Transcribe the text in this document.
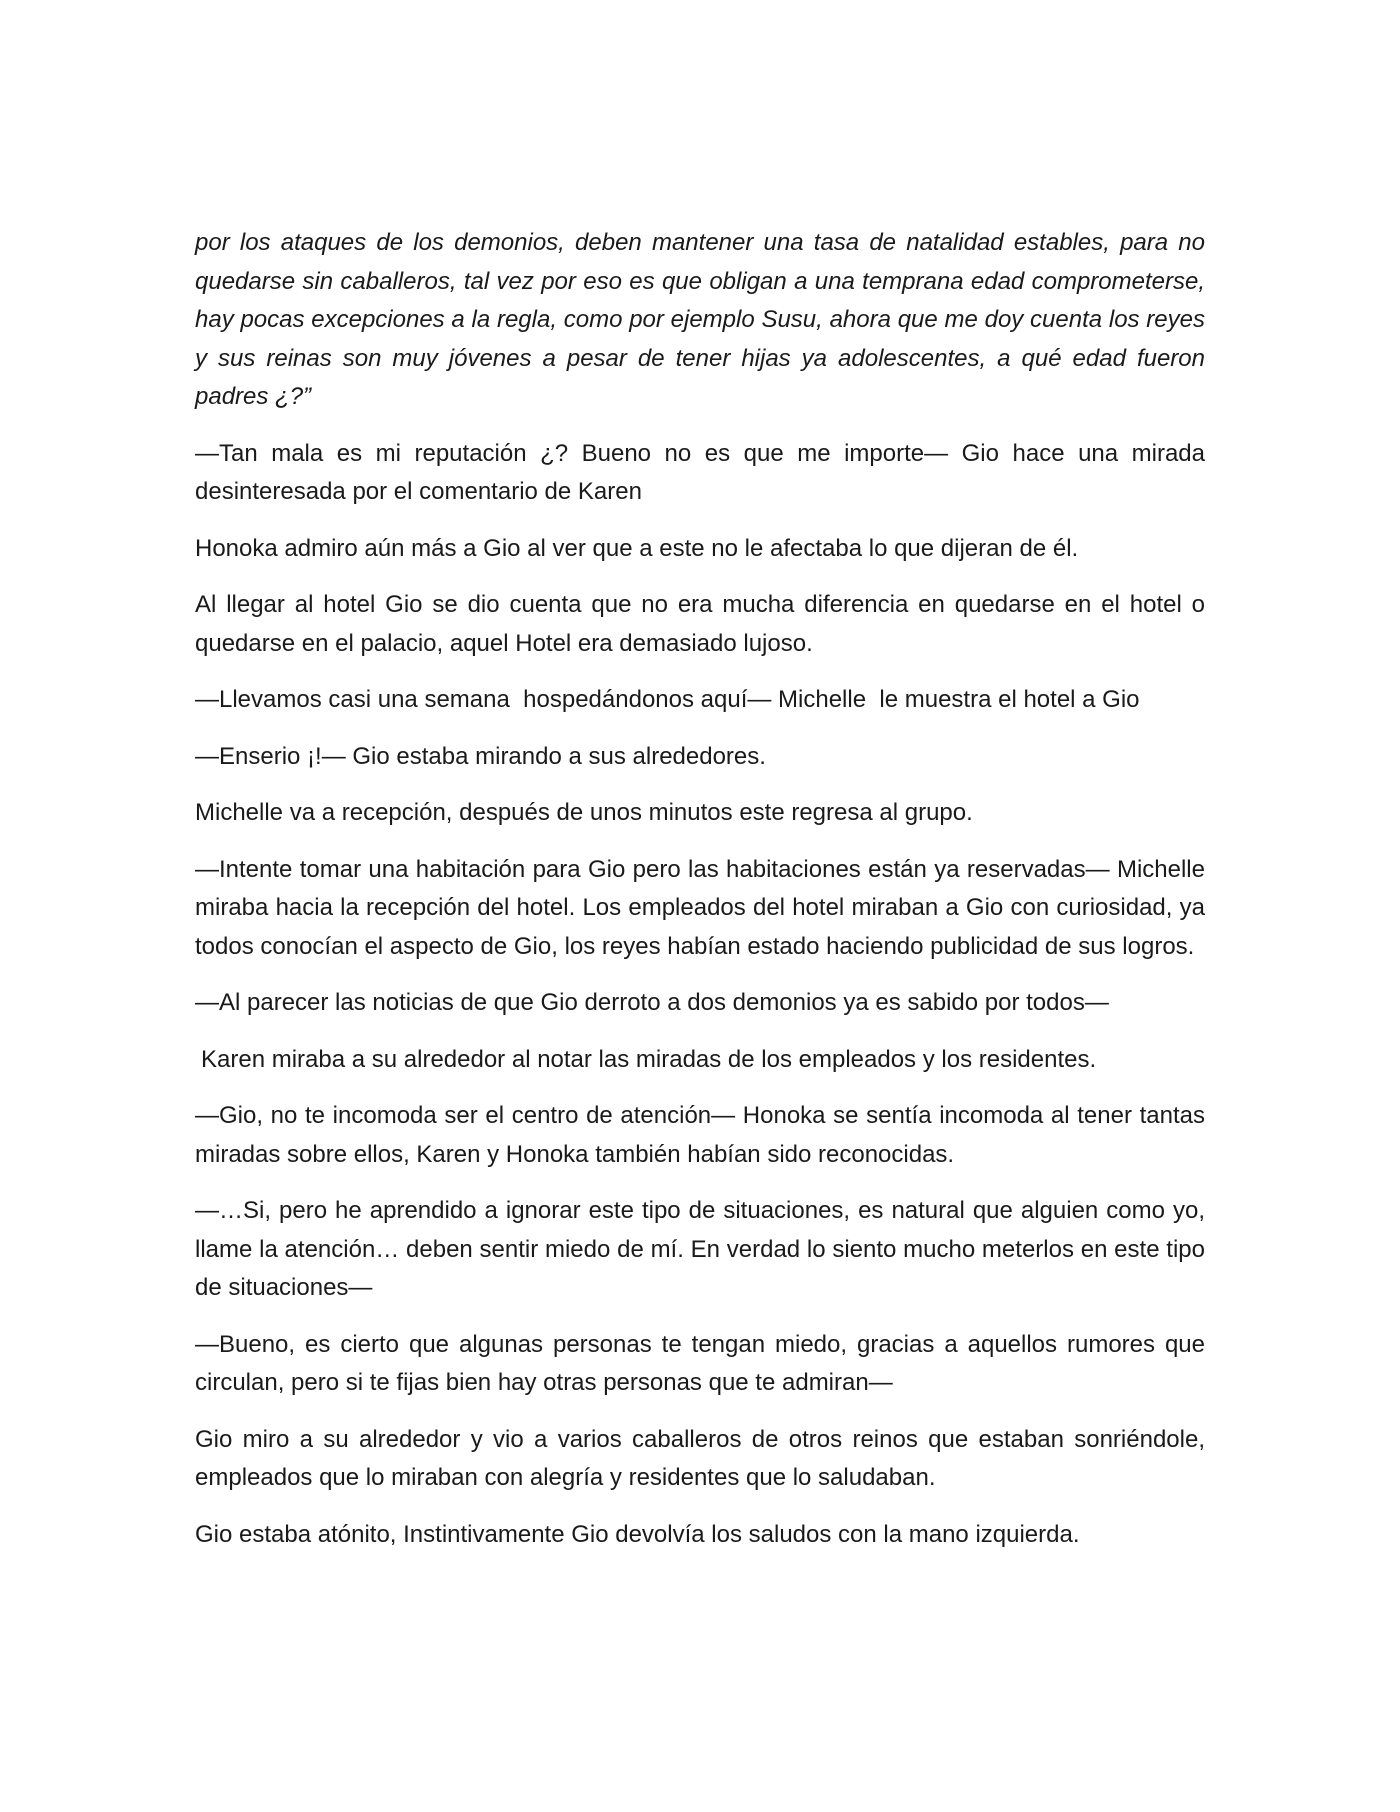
por los ataques de los demonios, deben mantener una tasa de natalidad estables, para no quedarse sin caballeros, tal vez por eso es que obligan a una temprana edad comprometerse, hay pocas excepciones a la regla, como por ejemplo Susu, ahora que me doy cuenta los reyes y sus reinas son muy jóvenes a pesar de tener hijas ya adolescentes, a qué edad fueron padres ¿?”

—Tan mala es mi reputación ¿? Bueno no es que me importe— Gio hace una mirada desinteresada por el comentario de Karen

Honoka admiro aún más a Gio al ver que a este no le afectaba lo que dijeran de él.

Al llegar al hotel Gio se dio cuenta que no era mucha diferencia en quedarse en el hotel o quedarse en el palacio, aquel Hotel era demasiado lujoso.

—Llevamos casi una semana  hospedándonos aquí— Michelle  le muestra el hotel a Gio

—Enserio ¡!— Gio estaba mirando a sus alrededores.

Michelle va a recepción, después de unos minutos este regresa al grupo.

—Intente tomar una habitación para Gio pero las habitaciones están ya reservadas— Michelle miraba hacia la recepción del hotel. Los empleados del hotel miraban a Gio con curiosidad, ya todos conocían el aspecto de Gio, los reyes habían estado haciendo publicidad de sus logros.

—Al parecer las noticias de que Gio derroto a dos demonios ya es sabido por todos—

Karen miraba a su alrededor al notar las miradas de los empleados y los residentes.

—Gio, no te incomoda ser el centro de atención— Honoka se sentía incomoda al tener tantas miradas sobre ellos, Karen y Honoka también habían sido reconocidas.

—…Si, pero he aprendido a ignorar este tipo de situaciones, es natural que alguien como yo, llame la atención… deben sentir miedo de mí. En verdad lo siento mucho meterlos en este tipo de situaciones—

—Bueno, es cierto que algunas personas te tengan miedo, gracias a aquellos rumores que circulan, pero si te fijas bien hay otras personas que te admiran—

Gio miro a su alrededor y vio a varios caballeros de otros reinos que estaban sonriéndole, empleados que lo miraban con alegría y residentes que lo saludaban.

Gio estaba atónito, Instintivamente Gio devolvía los saludos con la mano izquierda.
